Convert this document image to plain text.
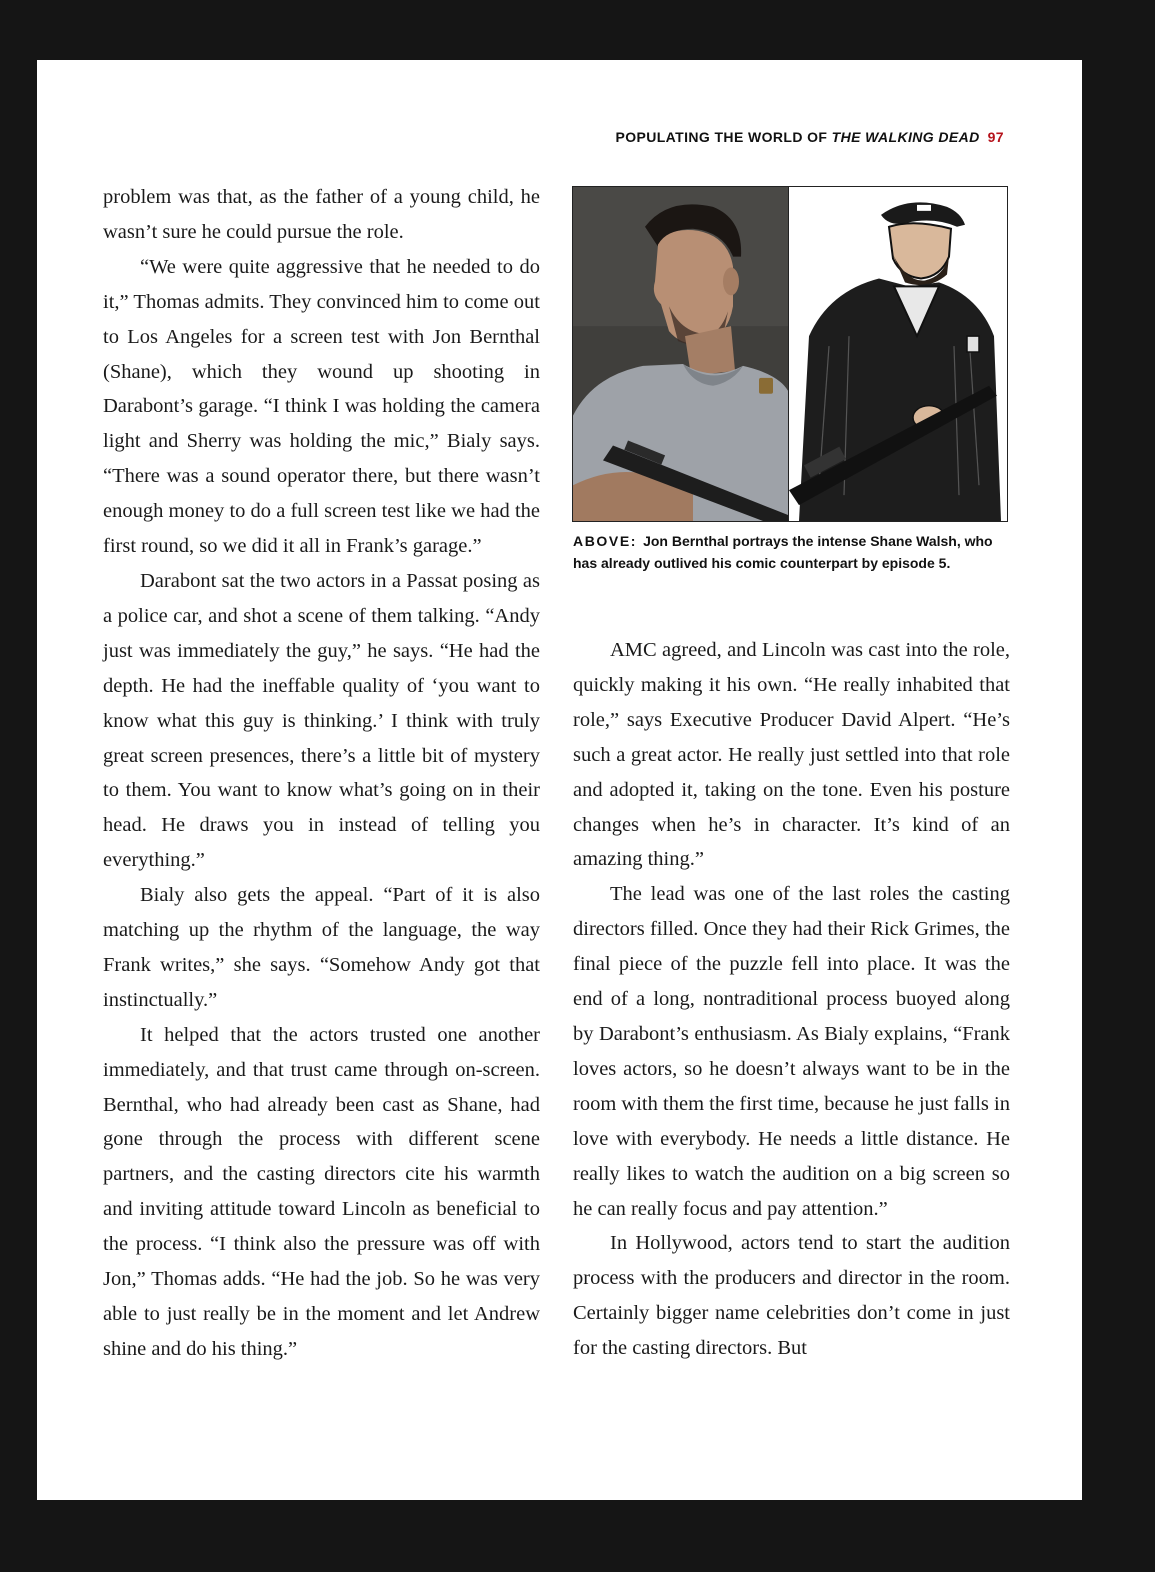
POPULATING THE WORLD OF THE WALKING DEAD 97

problem was that, as the father of a young child, he wasn’t sure he could pursue the role.

“We were quite aggressive that he needed to do it,” Thomas admits. They convinced him to come out to Los Angeles for a screen test with Jon Bernthal (Shane), which they wound up shooting in Darabont’s garage. “I think I was holding the camera light and Sherry was holding the mic,” Bialy says. “There was a sound operator there, but there wasn’t enough money to do a full screen test like we had the first round, so we did it all in Frank’s garage.”

Darabont sat the two actors in a Passat posing as a police car, and shot a scene of them talking. “Andy just was immediately the guy,” he says. “He had the depth. He had the ineffable quality of ‘you want to know what this guy is thinking.’ I think with truly great screen presences, there’s a little bit of mystery to them. You want to know what’s going on in their head. He draws you in instead of telling you everything.”

Bialy also gets the appeal. “Part of it is also matching up the rhythm of the language, the way Frank writes,” she says. “Somehow Andy got that instinctually.”

It helped that the actors trusted one another immediately, and that trust came through on-screen. Bernthal, who had already been cast as Shane, had gone through the process with different scene partners, and the casting directors cite his warmth and inviting attitude toward Lincoln as beneficial to the process. “I think also the pressure was off with Jon,” Thomas adds. “He had the job. So he was very able to just really be in the moment and let Andrew shine and do his thing.”

ABOVE: Jon Bernthal portrays the intense Shane Walsh, who has already outlived his comic counterpart by episode 5.

AMC agreed, and Lincoln was cast into the role, quickly making it his own. “He really inhabited that role,” says Executive Producer David Alpert. “He’s such a great actor. He really just settled into that role and adopted it, taking on the tone. Even his posture changes when he’s in character. It’s kind of an amazing thing.”

The lead was one of the last roles the casting directors filled. Once they had their Rick Grimes, the final piece of the puzzle fell into place. It was the end of a long, nontraditional process buoyed along by Darabont’s enthusiasm. As Bialy explains, “Frank loves actors, so he doesn’t always want to be in the room with them the first time, because he just falls in love with everybody. He needs a little distance. He really likes to watch the audition on a big screen so he can really focus and pay attention.”

In Hollywood, actors tend to start the audition process with the producers and director in the room. Certainly bigger name celebrities don’t come in just for the casting directors. But
